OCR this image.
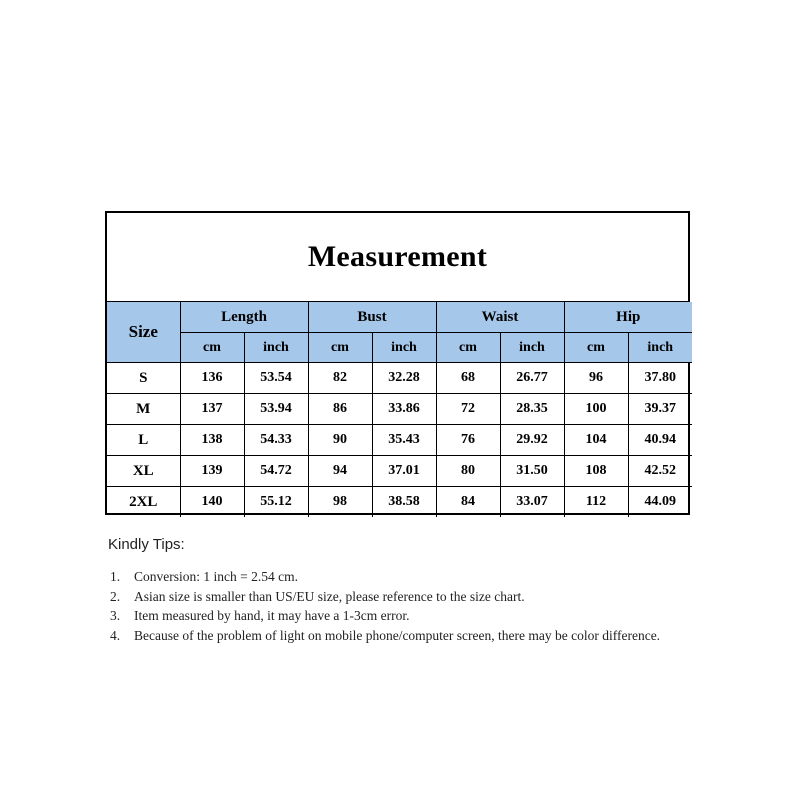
Measurement
Size	Length		Bust		Waist		Hip	
	cm	inch	cm	inch	cm	inch	cm	inch
S	136	53.54	82	32.28	68	26.77	96	37.80
M	137	53.94	86	33.86	72	28.35	100	39.37
L	138	54.33	90	35.43	76	29.92	104	40.94
XL	139	54.72	94	37.01	80	31.50	108	42.52
2XL	140	55.12	98	38.58	84	33.07	112	44.09
Kindly Tips:
1.	Conversion: 1 inch = 2.54 cm.
2.	Asian size is smaller than US/EU size, please reference to the size chart.
3.	Item measured by hand, it may have a 1-3cm error.
4.	Because of the problem of light on mobile phone/computer screen, there may be color difference.
